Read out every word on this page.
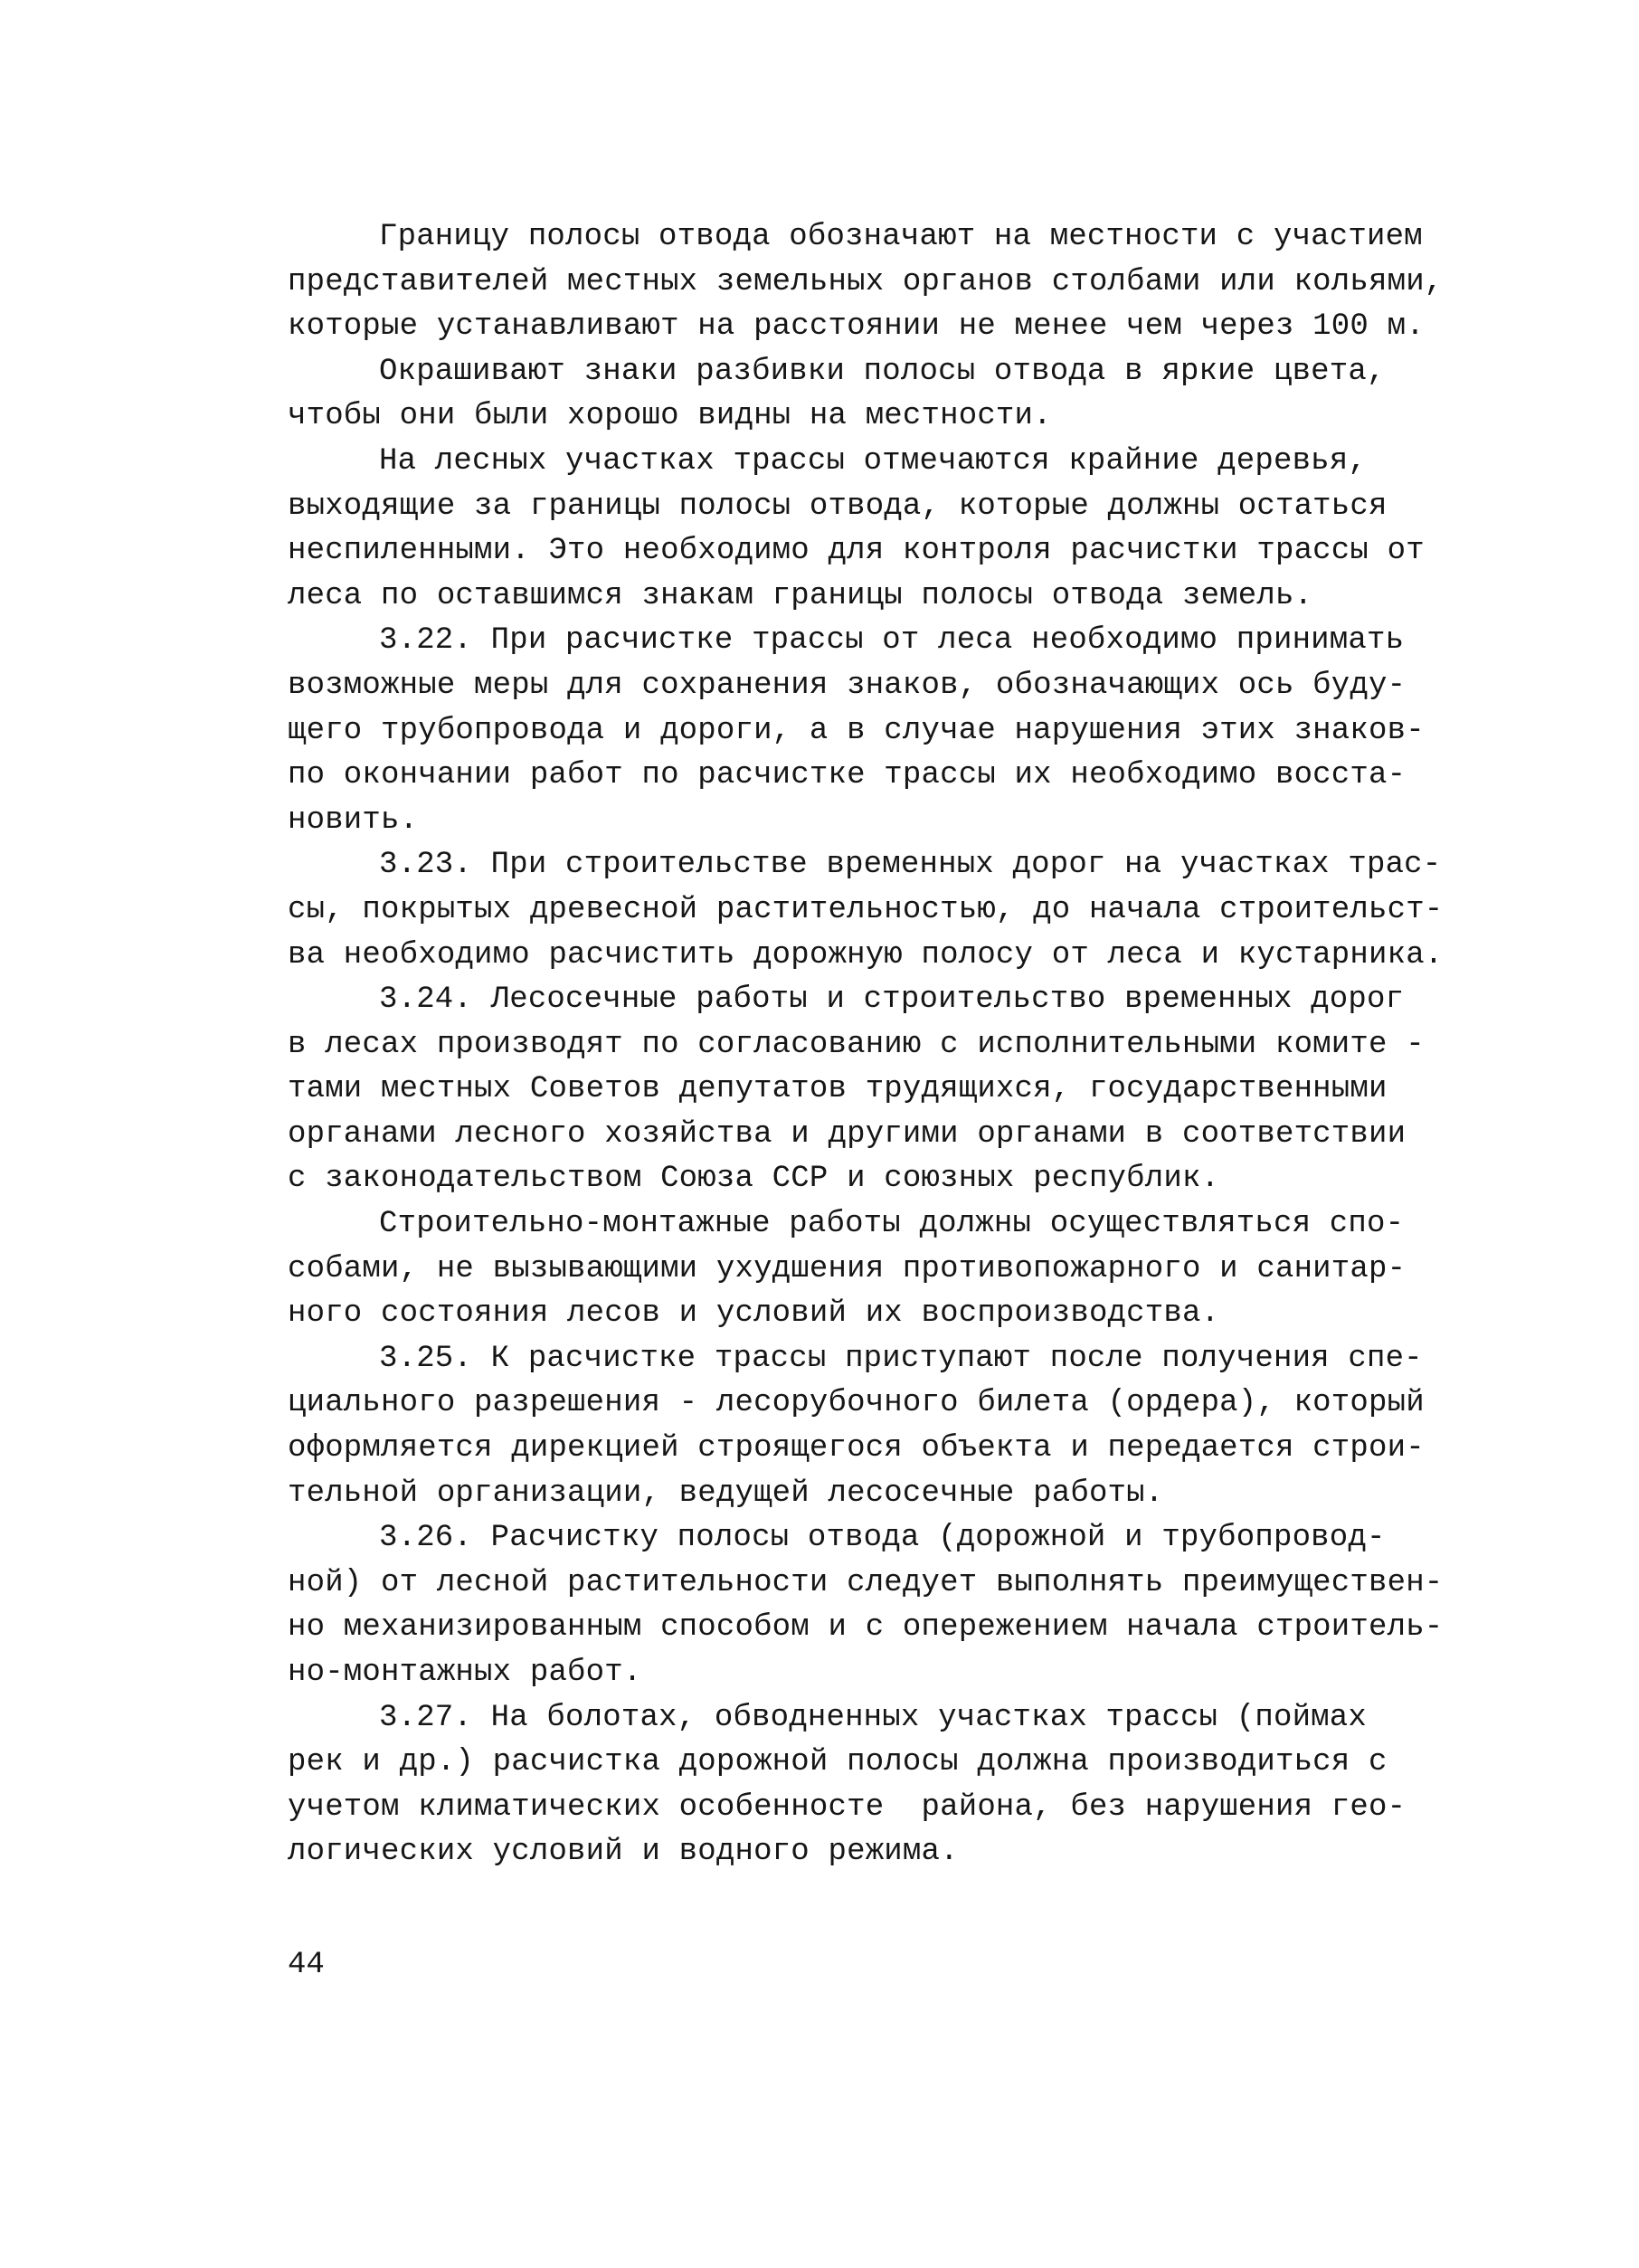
Границу полосы отвода обозначают на местности с участием
представителей местных земельных органов столбами или кольями,
которые устанавливают на расстоянии не менее чем через 100 м.
Окрашивают знаки разбивки полосы отвода в яркие цвета,
чтобы они были хорошо видны на местности.
На лесных участках трассы отмечаются крайние деревья,
выходящие за границы полосы отвода, которые должны остаться
неспиленными. Это необходимо для контроля расчистки трассы от
леса по оставшимся знакам границы полосы отвода земель.
3.22. При расчистке трассы от леса необходимо принимать
возможные меры для сохранения знаков, обозначающих ось буду-
щего трубопровода и дороги, а в случае нарушения этих знаков-
по окончании работ по расчистке трассы их необходимо восста-
новить.
3.23. При строительстве временных дорог на участках трас-
сы, покрытых древесной растительностью, до начала строительст-
ва необходимо расчистить дорожную полосу от леса и кустарника.
3.24. Лесосечные работы и строительство временных дорог
в лесах производят по согласованию с исполнительными комите -
тами местных Советов депутатов трудящихся, государственными
органами лесного хозяйства и другими органами в соответствии
с законодательством Союза ССР и союзных республик.
Строительно-монтажные работы должны осуществляться спо-
собами, не вызывающими ухудшения противопожарного и санитар-
ного состояния лесов и условий их воспроизводства.
3.25. К расчистке трассы приступают после получения спе-
циального разрешения - лесорубочного билета (ордера), который
оформляется дирекцией строящегося объекта и передается строи-
тельной организации, ведущей лесосечные работы.
3.26. Расчистку полосы отвода (дорожной и трубопровод-
ной) от лесной растительности следует выполнять преимуществен-
но механизированным способом и с опережением начала строитель-
но-монтажных работ.
3.27. На болотах, обводненных участках трассы (поймах
рек и др.) расчистка дорожной полосы должна производиться с
учетом климатических особенносте  района, без нарушения гео-
логических условий и водного режима.
44
